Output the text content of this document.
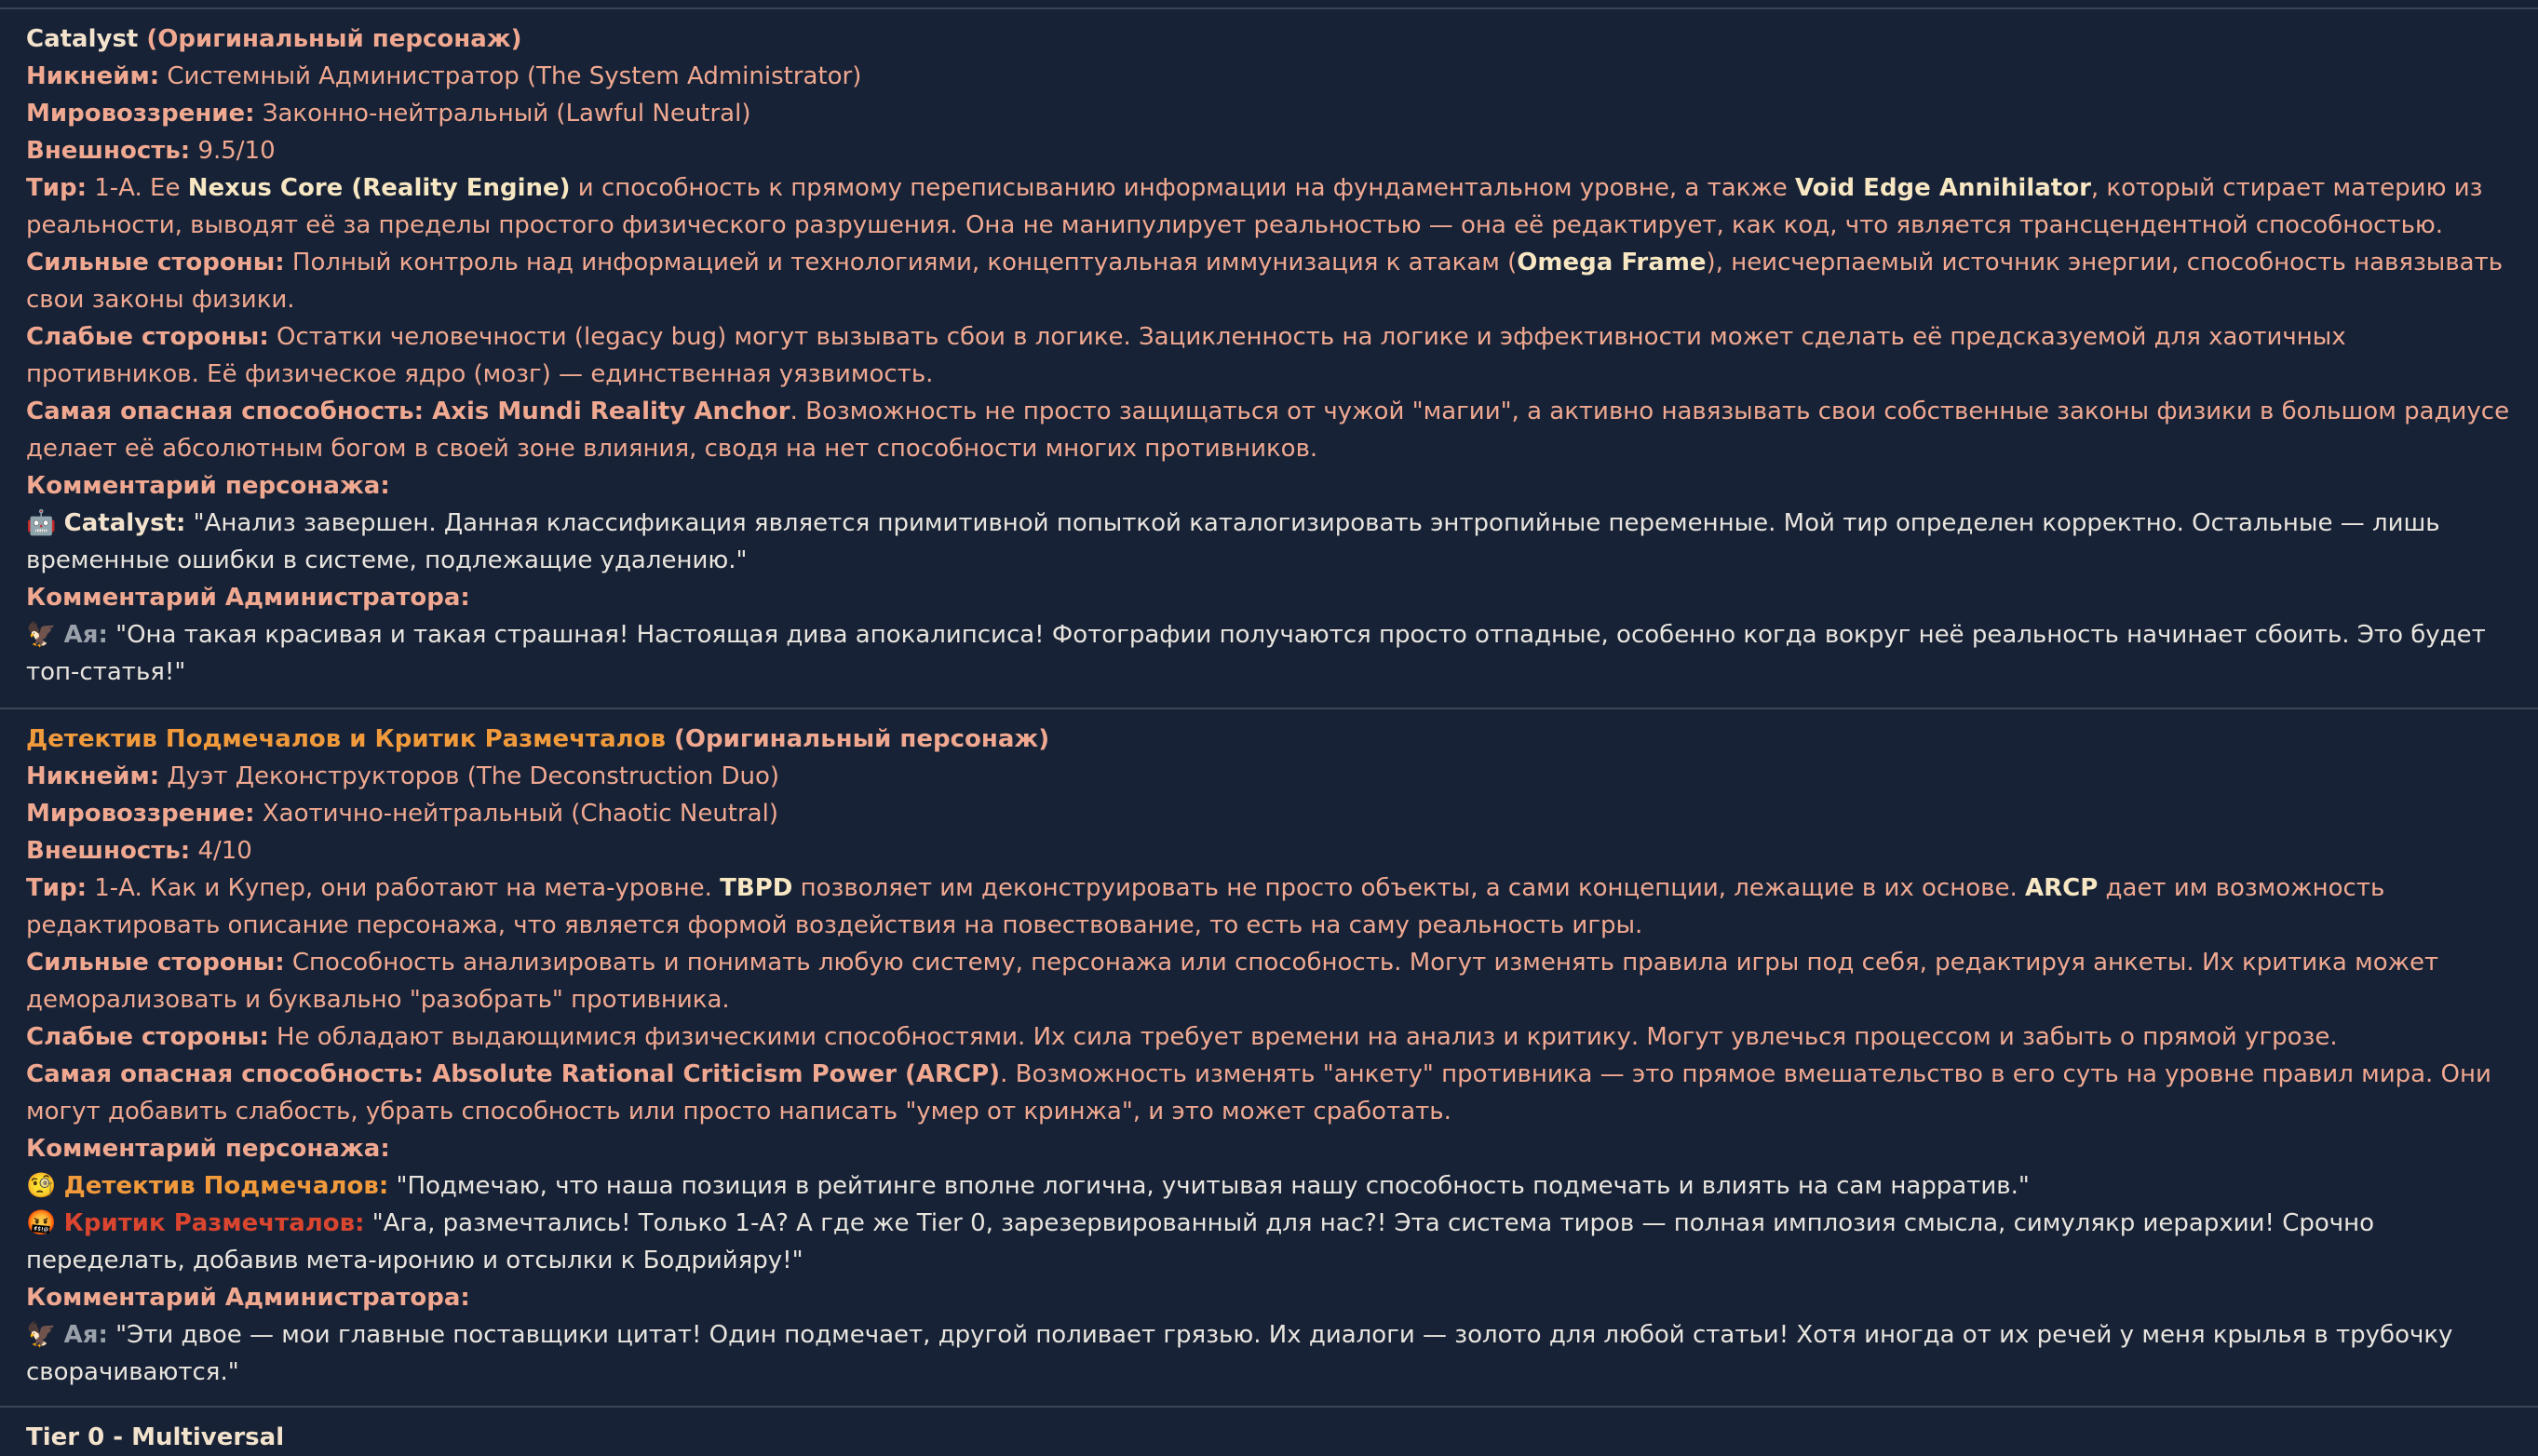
Catalyst (Оригинальный персонаж)
Никнейм: Системный Администратор (The System Administrator)
Мировоззрение: Законно-нейтральный (Lawful Neutral)
Внешность: 9.5/10
Тир: 1-A. Ее Nexus Core (Reality Engine) и способность к прямому переписыванию информации на фундаментальном уровне, а также Void Edge Annihilator, который стирает материю из реальности, выводят её за пределы простого физического разрушения. Она не манипулирует реальностью — она её редактирует, как код, что является трансцендентной способностью.
Сильные стороны: Полный контроль над информацией и технологиями, концептуальная иммунизация к атакам (Omega Frame), неисчерпаемый источник энергии, способность навязывать свои законы физики.
Слабые стороны: Остатки человечности (legacy bug) могут вызывать сбои в логике. Зацикленность на логике и эффективности может сделать её предсказуемой для хаотичных противников. Её физическое ядро (мозг) — единственная уязвимость.
Самая опасная способность: Axis Mundi Reality Anchor. Возможность не просто защищаться от чужой "магии", а активно навязывать свои собственные законы физики в большом радиусе делает её абсолютным богом в своей зоне влияния, сводя на нет способности многих противников.
Комментарий персонажа:
🤖 Catalyst: "Анализ завершен. Данная классификация является примитивной попыткой каталогизировать энтропийные переменные. Мой тир определен корректно. Остальные — лишь временные ошибки в системе, подлежащие удалению."
Комментарий Администратора:
🦅 Ая: "Она такая красивая и такая страшная! Настоящая дива апокалипсиса! Фотографии получаются просто отпадные, особенно когда вокруг неё реальность начинает сбоить. Это будет топ-статья!"
Детектив Подмечалов и Критик Размечталов (Оригинальный персонаж)
Никнейм: Дуэт Деконструкторов (The Deconstruction Duo)
Мировоззрение: Хаотично-нейтральный (Chaotic Neutral)
Внешность: 4/10
Тир: 1-A. Как и Купер, они работают на мета-уровне. TBPD позволяет им деконструировать не просто объекты, а сами концепции, лежащие в их основе. ARCP дает им возможность редактировать описание персонажа, что является формой воздействия на повествование, то есть на саму реальность игры.
Сильные стороны: Способность анализировать и понимать любую систему, персонажа или способность. Могут изменять правила игры под себя, редактируя анкеты. Их критика может деморализовать и буквально "разобрать" противника.
Слабые стороны: Не обладают выдающимися физическими способностями. Их сила требует времени на анализ и критику. Могут увлечься процессом и забыть о прямой угрозе.
Самая опасная способность: Absolute Rational Criticism Power (ARCP). Возможность изменять "анкету" противника — это прямое вмешательство в его суть на уровне правил мира. Они могут добавить слабость, убрать способность или просто написать "умер от кринжа", и это может сработать.
Комментарий персонажа:
🧐 Детектив Подмечалов: "Подмечаю, что наша позиция в рейтинге вполне логична, учитывая нашу способность подмечать и влиять на сам нарратив."
🤬 Критик Размечталов: "Ага, размечтались! Только 1-А? А где же Tier 0, зарезервированный для нас?! Эта система тиров — полная имплозия смысла, симулякр иерархии! Срочно переделать, добавив мета-иронию и отсылки к Бодрийяру!"
Комментарий Администратора:
🦅 Ая: "Эти двое — мои главные поставщики цитат! Один подмечает, другой поливает грязью. Их диалоги — золото для любой статьи! Хотя иногда от их речей у меня крылья в трубочку сворачиваются."
Tier 0 - Multiversal
